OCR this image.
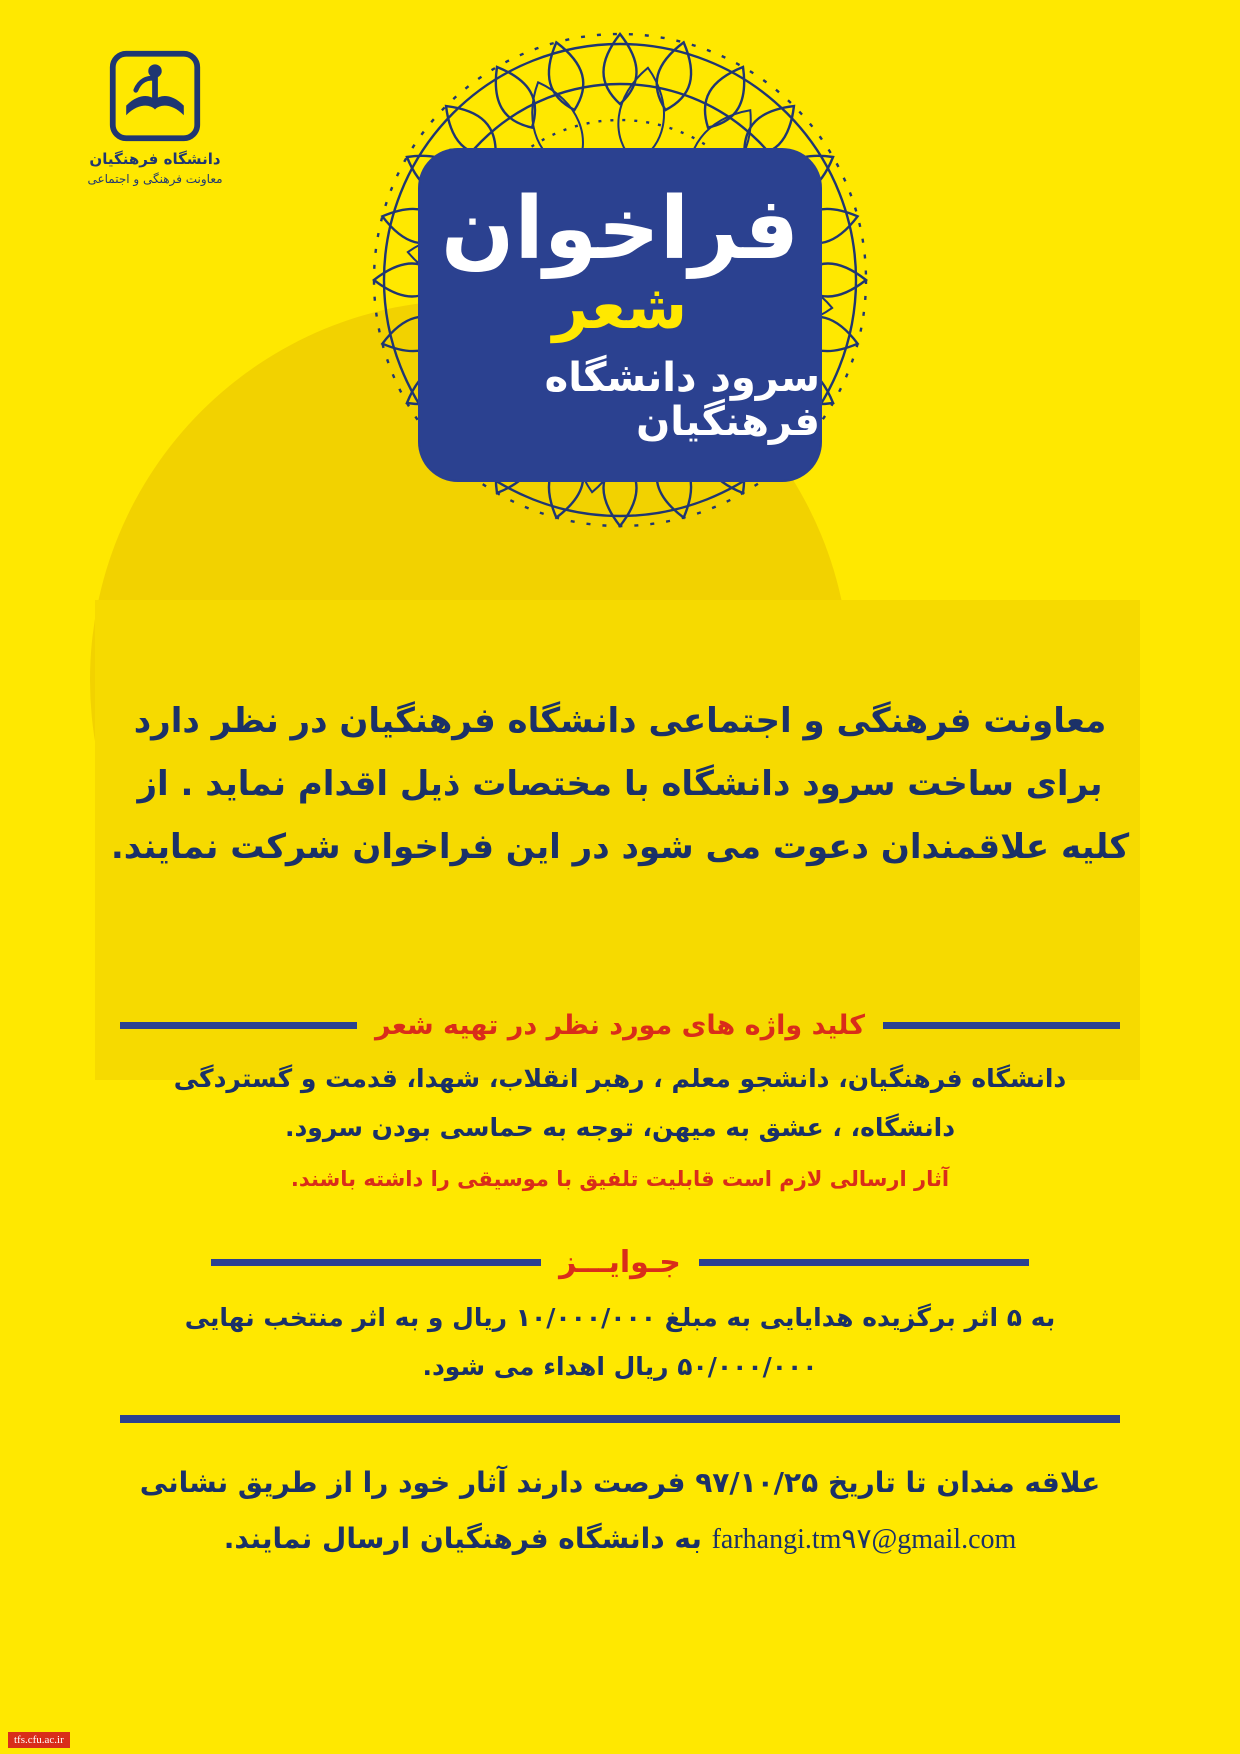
دانشگاه فرهنگیان
معاونت فرهنگی و اجتماعی	فراخوان
شعر
سرود دانشگاه فرهنگیان
معاونت فرهنگی و اجتماعی دانشگاه فرهنگیان در نظر دارد برای ساخت سرود دانشگاه با مختصات ذیل اقدام نماید . از کلیه علاقمندان دعوت می شود در این فراخوان شرکت نمایند.
کلید واژه های مورد نظر در تهیه شعر
دانشگاه فرهنگیان، دانشجو معلم ، رهبر انقلاب، شهدا، قدمت و گستردگی دانشگاه، ، عشق به میهن، توجه به حماسی بودن سرود.
آثار ارسالی لازم است قابلیت تلفیق با موسیقی را داشته باشند.
جـوایـــز
به ۵ اثر برگزیده هدایایی به مبلغ ۱۰/۰۰۰/۰۰۰ ریال و به اثر منتخب نهایی ۵۰/۰۰۰/۰۰۰ ریال اهداء می شود.
علاقه مندان تا تاریخ ۹۷/۱۰/۲۵ فرصت دارند آثار خود را از طریق نشانی farhangi.tm۹۷@gmail.com به دانشگاه فرهنگیان ارسال نمایند.
tfs.cfu.ac.ir
